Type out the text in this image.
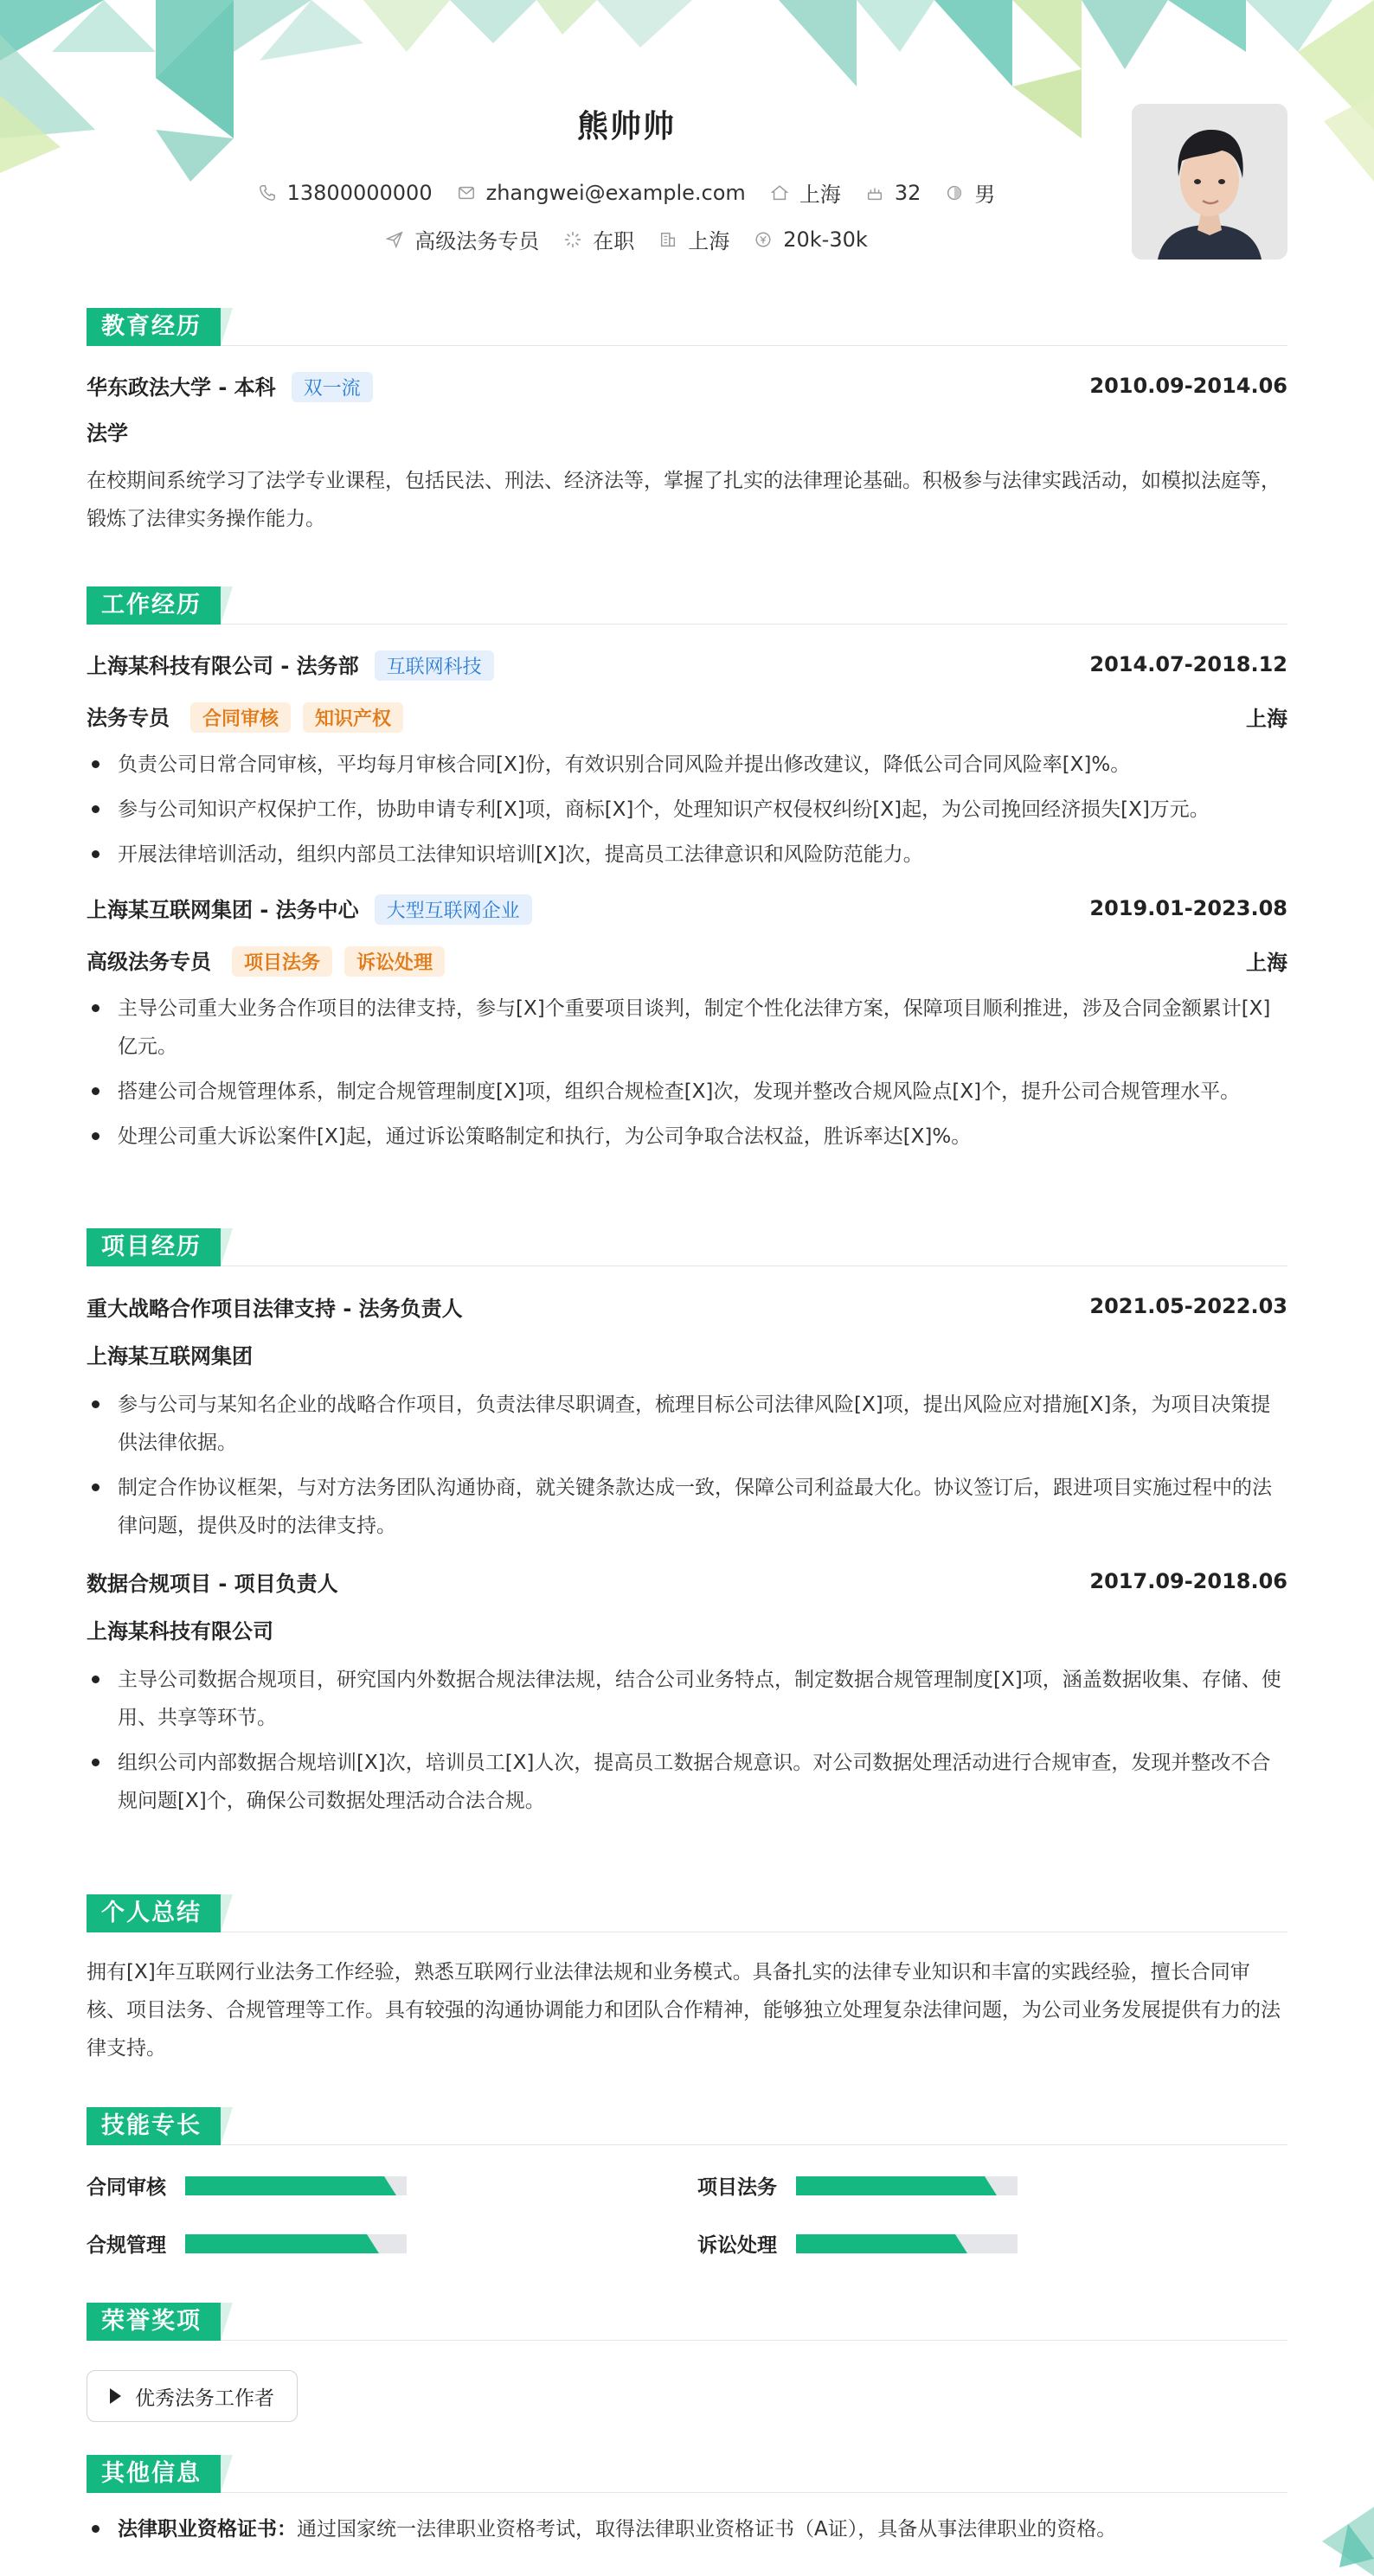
熊帅帅
13800000000	zhangwei@example.com	上海	32	男
高级法务专员	在职	上海	20k-30k
教育经历
华东政法大学 - 本科 双一流	2010.09-2014.06
法学
在校期间系统学习了法学专业课程，包括民法、刑法、经济法等，掌握了扎实的法律理论基础。积极参与法律实践活动，如模拟法庭等，锻炼了法律实务操作能力。
工作经历
上海某科技有限公司 - 法务部 互联网科技	2014.07-2018.12
法务专员 合同审核 知识产权	上海
负责公司日常合同审核，平均每月审核合同[X]份，有效识别合同风险并提出修改建议，降低公司合同风险率[X]%。
参与公司知识产权保护工作，协助申请专利[X]项，商标[X]个，处理知识产权侵权纠纷[X]起，为公司挽回经济损失[X]万元。
开展法律培训活动，组织内部员工法律知识培训[X]次，提高员工法律意识和风险防范能力。
上海某互联网集团 - 法务中心 大型互联网企业	2019.01-2023.08
高级法务专员 项目法务 诉讼处理	上海
主导公司重大业务合作项目的法律支持，参与[X]个重要项目谈判，制定个性化法律方案，保障项目顺利推进，涉及合同金额累计[X]亿元。
搭建公司合规管理体系，制定合规管理制度[X]项，组织合规检查[X]次，发现并整改合规风险点[X]个，提升公司合规管理水平。
处理公司重大诉讼案件[X]起，通过诉讼策略制定和执行，为公司争取合法权益，胜诉率达[X]%。
项目经历
重大战略合作项目法律支持 - 法务负责人	2021.05-2022.03
上海某互联网集团
参与公司与某知名企业的战略合作项目，负责法律尽职调查，梳理目标公司法律风险[X]项，提出风险应对措施[X]条，为项目决策提供法律依据。
制定合作协议框架，与对方法务团队沟通协商，就关键条款达成一致，保障公司利益最大化。协议签订后，跟进项目实施过程中的法律问题，提供及时的法律支持。
数据合规项目 - 项目负责人	2017.09-2018.06
上海某科技有限公司
主导公司数据合规项目，研究国内外数据合规法律法规，结合公司业务特点，制定数据合规管理制度[X]项，涵盖数据收集、存储、使用、共享等环节。
组织公司内部数据合规培训[X]次，培训员工[X]人次，提高员工数据合规意识。对公司数据处理活动进行合规审查，发现并整改不合规问题[X]个，确保公司数据处理活动合法合规。
个人总结
拥有[X]年互联网行业法务工作经验，熟悉互联网行业法律法规和业务模式。具备扎实的法律专业知识和丰富的实践经验，擅长合同审核、项目法务、合规管理等工作。具有较强的沟通协调能力和团队合作精神，能够独立处理复杂法律问题，为公司业务发展提供有力的法律支持。
技能专长
合同审核	项目法务
合规管理	诉讼处理
荣誉奖项
优秀法务工作者
其他信息
法律职业资格证书：通过国家统一法律职业资格考试，取得法律职业资格证书（A证），具备从事法律职业的资格。
